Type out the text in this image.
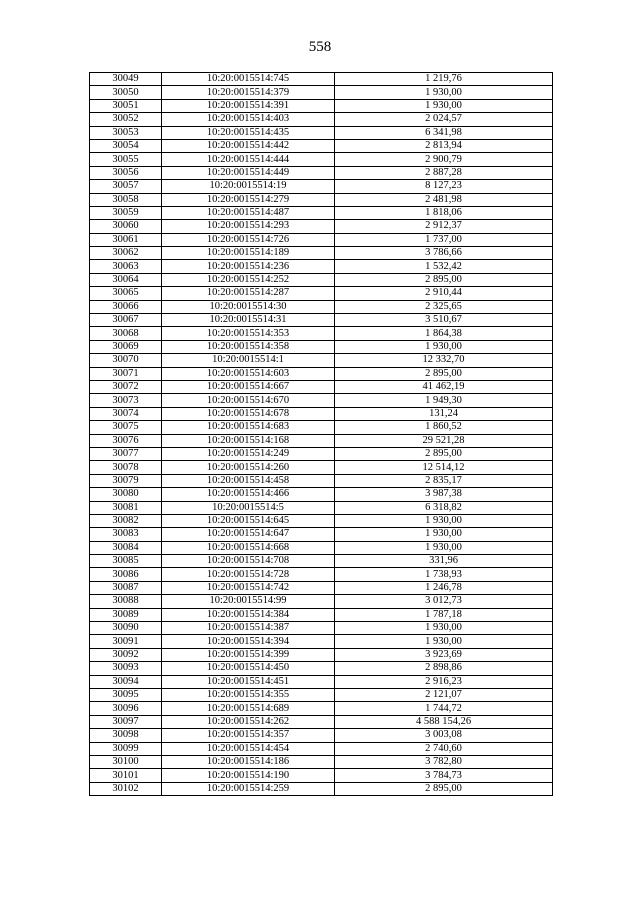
558
30049	10:20:0015514:745	1 219,76
30050	10:20:0015514:379	1 930,00
30051	10:20:0015514:391	1 930,00
30052	10:20:0015514:403	2 024,57
30053	10:20:0015514:435	6 341,98
30054	10:20:0015514:442	2 813,94
30055	10:20:0015514:444	2 900,79
30056	10:20:0015514:449	2 887,28
30057	10:20:0015514:19	8 127,23
30058	10:20:0015514:279	2 481,98
30059	10:20:0015514:487	1 818,06
30060	10:20:0015514:293	2 912,37
30061	10:20:0015514:726	1 737,00
30062	10:20:0015514:189	3 786,66
30063	10:20:0015514:236	1 532,42
30064	10:20:0015514:252	2 895,00
30065	10:20:0015514:287	2 910,44
30066	10:20:0015514:30	2 325,65
30067	10:20:0015514:31	3 510,67
30068	10:20:0015514:353	1 864,38
30069	10:20:0015514:358	1 930,00
30070	10:20:0015514:1	12 332,70
30071	10:20:0015514:603	2 895,00
30072	10:20:0015514:667	41 462,19
30073	10:20:0015514:670	1 949,30
30074	10:20:0015514:678	131,24
30075	10:20:0015514:683	1 860,52
30076	10:20:0015514:168	29 521,28
30077	10:20:0015514:249	2 895,00
30078	10:20:0015514:260	12 514,12
30079	10:20:0015514:458	2 835,17
30080	10:20:0015514:466	3 987,38
30081	10:20:0015514:5	6 318,82
30082	10:20:0015514:645	1 930,00
30083	10:20:0015514:647	1 930,00
30084	10:20:0015514:668	1 930,00
30085	10:20:0015514:708	331,96
30086	10:20:0015514:728	1 738,93
30087	10:20:0015514:742	1 246,78
30088	10:20:0015514:99	3 012,73
30089	10:20:0015514:384	1 787,18
30090	10:20:0015514:387	1 930,00
30091	10:20:0015514:394	1 930,00
30092	10:20:0015514:399	3 923,69
30093	10:20:0015514:450	2 898,86
30094	10:20:0015514:451	2 916,23
30095	10:20:0015514:355	2 121,07
30096	10:20:0015514:689	1 744,72
30097	10:20:0015514:262	4 588 154,26
30098	10:20:0015514:357	3 003,08
30099	10:20:0015514:454	2 740,60
30100	10:20:0015514:186	3 782,80
30101	10:20:0015514:190	3 784,73
30102	10:20:0015514:259	2 895,00
